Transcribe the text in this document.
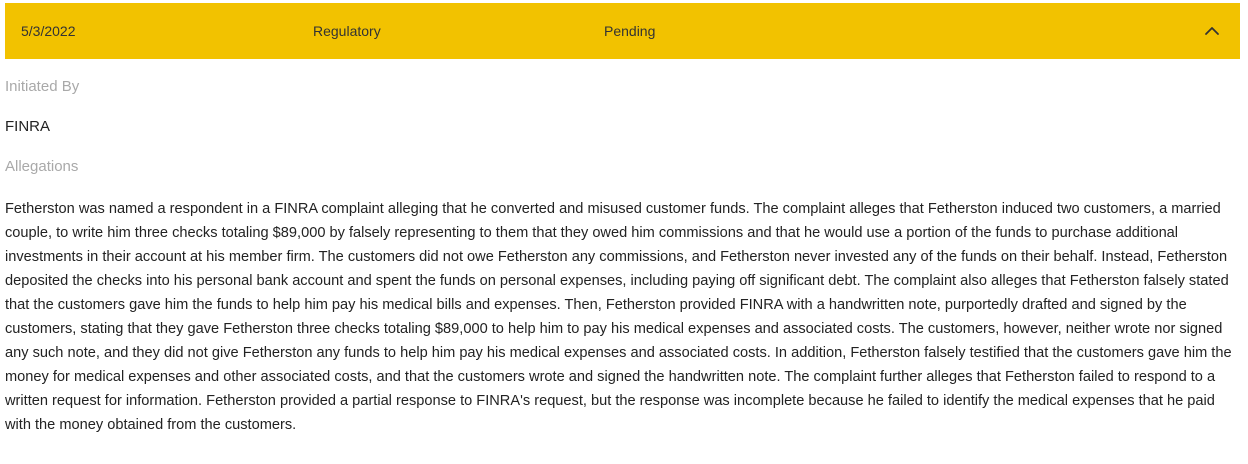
5/3/2022	Regulatory	Pending
Initiated By
FINRA
Allegations
Fetherston was named a respondent in a FINRA complaint alleging that he converted and misused customer funds. The complaint alleges that Fetherston induced two customers, a married couple, to write him three checks totaling $89,000 by falsely representing to them that they owed him commissions and that he would use a portion of the funds to purchase additional investments in their account at his member firm. The customers did not owe Fetherston any commissions, and Fetherston never invested any of the funds on their behalf. Instead, Fetherston deposited the checks into his personal bank account and spent the funds on personal expenses, including paying off significant debt. The complaint also alleges that Fetherston falsely stated that the customers gave him the funds to help him pay his medical bills and expenses. Then, Fetherston provided FINRA with a handwritten note, purportedly drafted and signed by the customers, stating that they gave Fetherston three checks totaling $89,000 to help him to pay his medical expenses and associated costs. The customers, however, neither wrote nor signed any such note, and they did not give Fetherston any funds to help him pay his medical expenses and associated costs. In addition, Fetherston falsely testified that the customers gave him the money for medical expenses and other associated costs, and that the customers wrote and signed the handwritten note. The complaint further alleges that Fetherston failed to respond to a written request for information. Fetherston provided a partial response to FINRA's request, but the response was incomplete because he failed to identify the medical expenses that he paid with the money obtained from the customers.
